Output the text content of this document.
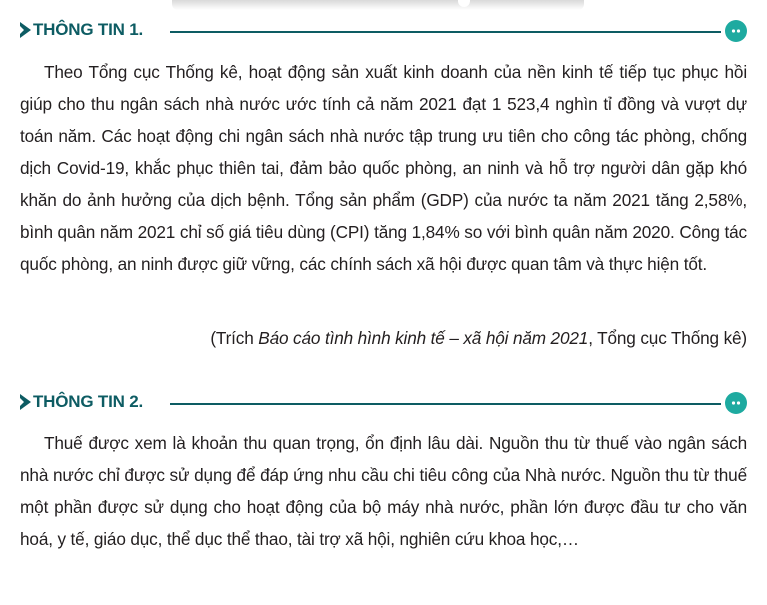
THÔNG TIN 1.

Theo Tổng cục Thống kê, hoạt động sản xuất kinh doanh của nền kinh tế tiếp tục phục hồi giúp cho thu ngân sách nhà nước ước tính cả năm 2021 đạt 1 523,4 nghìn tỉ đồng và vượt dự toán năm. Các hoạt động chi ngân sách nhà nước tập trung ưu tiên cho công tác phòng, chống dịch Covid-19, khắc phục thiên tai, đảm bảo quốc phòng, an ninh và hỗ trợ người dân gặp khó khăn do ảnh hưởng của dịch bệnh. Tổng sản phẩm (GDP) của nước ta năm 2021 tăng 2,58%, bình quân năm 2021 chỉ số giá tiêu dùng (CPI) tăng 1,84% so với bình quân năm 2020. Công tác quốc phòng, an ninh được giữ vững, các chính sách xã hội được quan tâm và thực hiện tốt.

(Trích Báo cáo tình hình kinh tế – xã hội năm 2021, Tổng cục Thống kê)
THÔNG TIN 2.

Thuế được xem là khoản thu quan trọng, ổn định lâu dài. Nguồn thu từ thuế vào ngân sách nhà nước chỉ được sử dụng để đáp ứng nhu cầu chi tiêu công của Nhà nước. Nguồn thu từ thuế một phần được sử dụng cho hoạt động của bộ máy nhà nước, phần lớn được đầu tư cho văn hoá, y tế, giáo dục, thể dục thể thao, tài trợ xã hội, nghiên cứu khoa học,…
